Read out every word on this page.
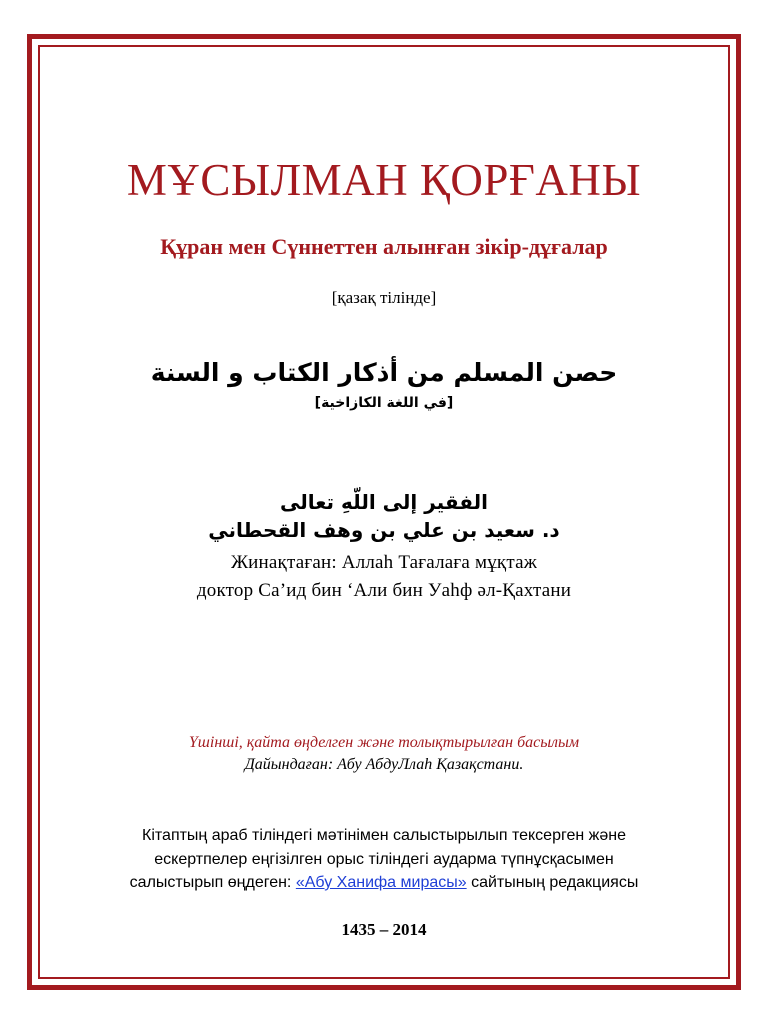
МҰСЫЛМАН ҚОРҒАНЫ
Құран мен Сүннеттен алынған зікір-дұғалар
[қазақ тілінде]
حصن المسلم من أذكار الكتاب و السنة
[في اللغة الكازاخية]
الفقير إلى اللّهِ تعالى
د. سعيد بن علي بن وهف القحطاني
Жинақтаған: Аллаһ Тағалаға мұқтаж
доктор Са’ид бин ‘Али бин Уаһф әл-Қахтани
Үшінші, қайта өңделген және толықтырылған басылым
Дайындаған: Абу АбдуЛлаһ Қазақстани.
Кітаптың араб тіліндегі мәтінімен салыстырылып тексерген және
ескертпелер еңгізілген орыс тіліндегі аудармa түпнұсқасымен
салыстырып өңдеген: «Абу Ханифа мирасы» сайтының редакциясы
1435 – 2014
